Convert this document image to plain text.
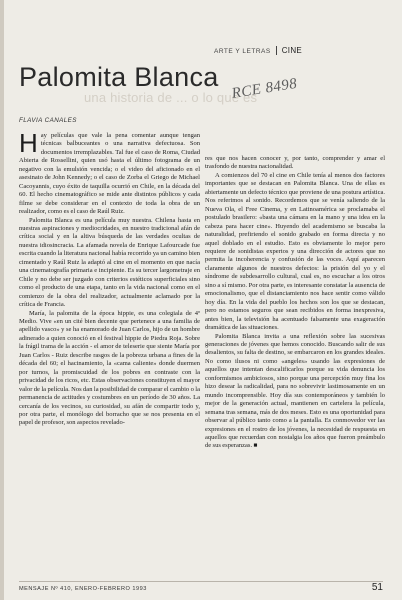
ARTE Y LETRAS CINE
Palomita Blanca
una historia de ... o lo que es
RCE 8498
FLAVIA CANALES

Hay películas que vale la pena comentar aunque tengan técnicas balbuceantes o una narrativa defectuosa. Son documentos irremplazables. Tal fue el caso de Roma, Ciudad Abierta de Rossellini, quien usó hasta el último fotograma de un negativo con la emulsión vencida; o el video del aficionado en el asesinato de John Kennedy; o el caso de Zorba el Griego de Michael Cacoyannis, cuyo éxito de taquilla ocurrió en Chile, en la década del 60. El hecho cinematográfico se mide ante distintos públicos y cada filme se debe considerar en el contexto de toda la obra de un realizador, como es el caso de Raúl Ruiz.

Palomita Blanca es una película muy nuestra. Chilena hasta en nuestras aspiraciones y mediocridades, en nuestro tradicional afán de crítica social y en la altiva búsqueda de las verdades ocultas de nuestra idiosincracia. La afamada novela de Enrique Lafourcade fue escrita cuando la literatura nacional había recorrido ya un camino bien cimentado y Raúl Ruiz la adaptó al cine en el momento en que nacía una cinematografía primaria e incipiente. Es su tercer largometraje en Chile y no debe ser juzgado con criterios estéticos superficiales sino como el producto de una etapa, tanto en la vida nacional como en el comienzo de la obra del realizador, actualmente aclamado por la crítica de Francia.

María, la palomita de la época hippie, es una colegiala de 4º Medio. Vive «en un cité bien decente que pertenece a una familia de apellido vasco» y se ha enamorado de Juan Carlos, hijo de un hombre adinerado a quien conoció en el festival hippie de Piedra Roja. Sobre la frágil trama de la acción - el amor de teleserie que siente María por Juan Carlos - Ruiz describe rasgos de la pobreza urbana a fines de la década del 60; el hacinamiento, la «cama caliente» donde duermen por turnos, la promiscuidad de los pobres en contraste con la privacidad de los ricos, etc. Estas observaciones constituyen el mayor valor de la película. Nos dan la posibilidad de comparar el cambio o la permanencia de actitudes y costumbres en un período de 30 años. La cercanía de los vecinos, su curiosidad, su afán de compartir todo y, por otra parte, el monólogo del borracho que se nos presenta en el papel de profesor, son aspectos revelado-

res que nos hacen conocer y, por tanto, comprender y amar el trasfondo de nuestra nacionalidad.

A comienzos del 70 el cine en Chile tenía al menos dos factores importantes que se destacan en Palomita Blanca. Una de ellas es abiertamente un defecto técnico que proviene de una postura artística. Nos referimos al sonido. Recordemos que se venía saliendo de la Nueva Ola, el Free Cinema, y en Latinoamérica se proclamaba el postulado brasilero: «basta una cámara en la mano y una idea en la cabeza para hacer cine». Huyendo del academismo se buscaba la naturalidad, prefiriendo el sonido grabado en forma directa y no aquel doblado en el estudio. Esto es obviamente lo mejor pero requiere de sonidistas expertos y una dirección de actores que no permita la incoherencia y confusión de las voces. Aquí aparecen claramente algunos de nuestros defectos: la prisión del yo y el síndrome de subdesarrollo cultural, cual es, no escuchar a los otros sino a sí mismo. Por otra parte, es interesante constatar la ausencia de emocionalismo, que el distanciamiento nos hace sentir como válido hoy día. En la vida del pueblo los hechos son los que se destacan, pero no estamos seguros que sean recibidos en forma inexpresiva, antes bien, la televisión ha acentuado falsamente una exageración dramática de las situaciones.

Palomita Blanca invita a una reflexión sobre las sucesivas generaciones de jóvenes que hemos conocido. Buscando salir de sus desalientos, su falta de destino, se embarcaron en los grandes ideales. No como ilusos ni como «angeles» usando las expresiones de aquellos que intentan descalificarlos porque su vida denuncia los conformismos ambiciosos, sino porque una percepción muy fina los hizo desear la radicalidad, para no sobrevivir lastimosamente en un mundo incomprensible. Hoy día sus contemporáneos y también lo mejor de la generación actual, mantienen en cartelera la película, semana tras semana, más de dos meses. Esto es una oportunidad para observar al público tanto como a la pantalla. Es conmovedor ver las expresiones en el rostro de los jóvenes, la necesidad de respuesta en aquellos que recuerdan con nostalgia los años que fueron preámbulo de sus esperanzas. ■

MENSAJE Nº 410, ENERO-FEBRERO 1993	51
